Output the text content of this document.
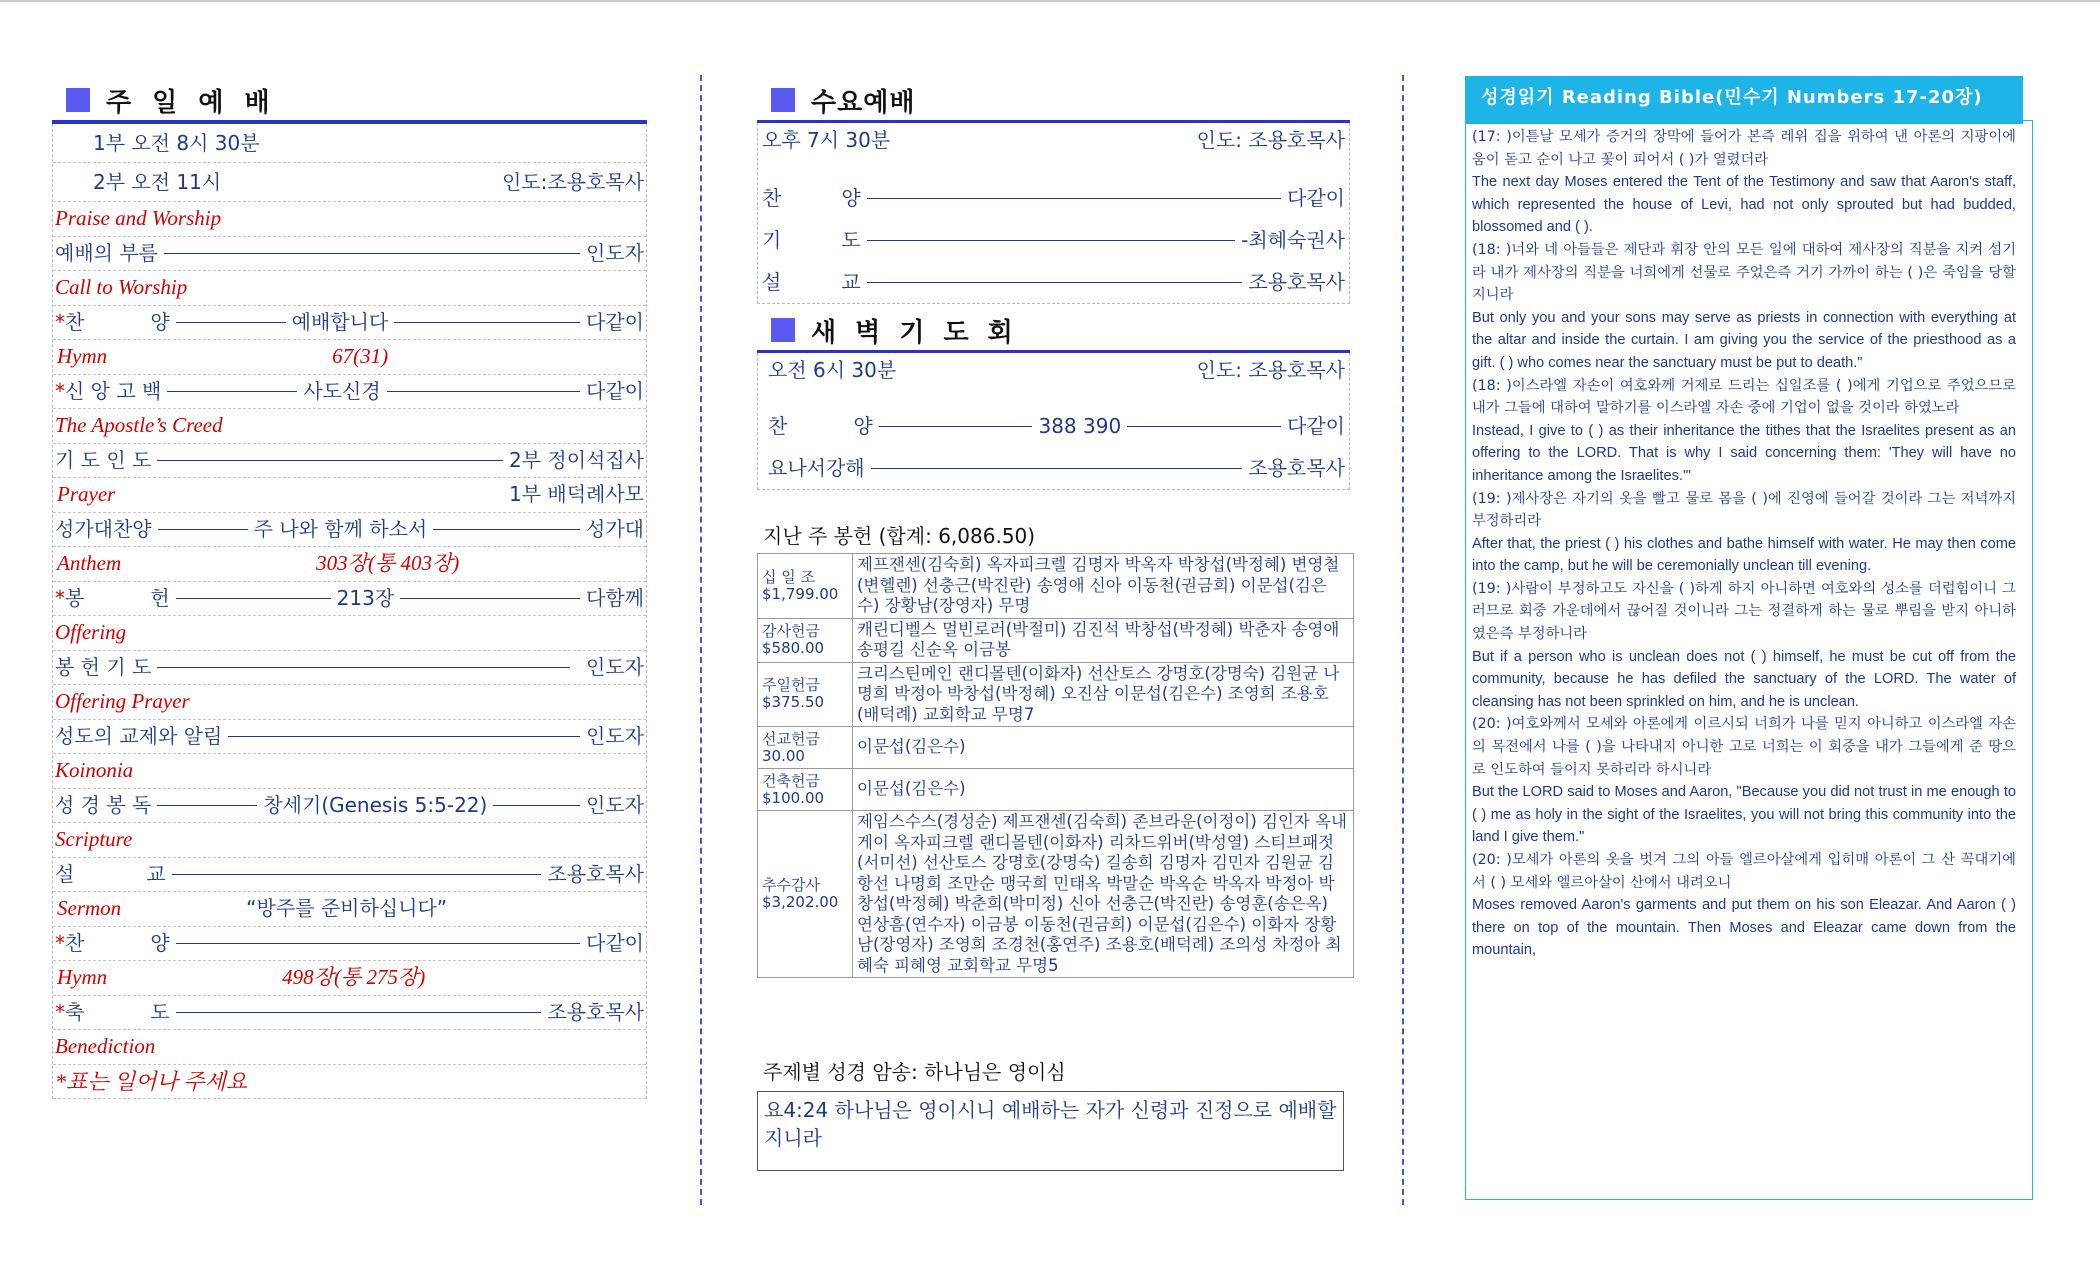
주 일 예 배
1부 오전 8시 30분
2부 오전 11시	인도:조용호목사
Praise and Worship
예배의 부름	인도자
Call to Worship
* 찬	양	예배합니다	다같이
Hymn	67(31)
* 신 앙 고 백	사도신경	다같이
The Apostle’s Creed
기 도 인 도	2부 정이석집사
Prayer	1부 배덕례사모
성가대찬양	주 나와 함께 하소서	성가대
Anthem	303장(통 403장)
* 봉	헌	213장	다함께
Offering
봉 헌 기 도	인도자
Offering Prayer
성도의 교제와 알림	인도자
Koinonia
성 경 봉 독	창세기(Genesis 5:5-22)	인도자
Scripture
설	교	조용호목사
Sermon	“방주를 준비하십니다”
* 찬	양	다같이
Hymn	498장(통 275장)
* 축	도	조용호목사
Benediction
*표는 일어나 주세요
수요예배
오후 7시 30분	인도: 조용호목사
찬	양	다같이
기	도	-최혜숙권사
설	교	조용호목사
새 벽 기 도 회
오전 6시 30분	인도: 조용호목사
찬	양	388 390	다같이
요나서강해	조용호목사
지난 주 봉헌 (합계: 6,086.50)
십 일 조
$1,799.00	제프잰센(김숙희) 옥자피크렐 김명자 박옥자 박창섭(박정혜) 변영철(변헬렌) 선충근(박진란) 송영애 신아 이동천(권금희) 이문섭(김은수) 장황남(장영자) 무명

감사헌금
$580.00	캐린디벨스 멀빈로러(박절미) 김진석 박창섭(박정혜) 박춘자 송영애 송평길 신순옥 이금봉

주일헌금
$375.50	크리스틴메인 랜디몰텐(이화자) 선산토스 강명호(강명숙) 김원균 나명희 박정아 박창섭(박정혜) 오진삼 이문섭(김은수) 조영희 조용호(배덕례) 교회학교 무명7

선교헌금
30.00	이문섭(김은수)

건축헌금
$100.00	이문섭(김은수)

추수감사
$3,202.00	제임스수스(경성순) 제프잰센(김숙희) 존브라운(이정이) 김인자 옥내게이 옥자피크렐 랜디몰텐(이화자) 리차드위버(박성열) 스티브패젓(서미선) 선산토스 강명호(강명숙) 길송희 김명자 김민자 김원균 김항선 나명희 조만순 맹국희 민태옥 박말순 박옥순 박옥자 박정아 박창섭(박정혜) 박춘희(박미정) 신아 선충근(박진란) 송영훈(송은옥) 연상흠(연수자) 이금봉 이동천(권금희) 이문섭(김은수) 이화자 장황남(장영자) 조영희 조경천(홍연주) 조용호(배덕례) 조의성 차정아 최혜숙 피혜영 교회학교 무명5
주제별 성경 암송: 하나님은 영이심
요4:24 하나님은 영이시니 예배하는 자가 신령과 진정으로 예배할지니라
성경읽기 Reading Bible(민수기 Numbers 17-20장)

(17: )이튿날 모세가 증거의 장막에 들어가 본즉 레위 집을 위하여 낸 아론의 지팡이에 움이 돋고 순이 나고 꽃이 피어서 ( )가 열렸더라

The next day Moses entered the Tent of the Testimony and saw that Aaron's staff, which represented the house of Levi, had not only sprouted but had budded, blossomed and ( ).

(18: )너와 네 아들들은 제단과 휘장 안의 모든 일에 대하여 제사장의 직분을 지켜 섬기라 내가 제사장의 직분을 너희에게 선물로 주었은즉 거기 가까이 하는 ( )은 죽임을 당할지니라

But only you and your sons may serve as priests in connection with everything at the altar and inside the curtain. I am giving you the service of the priesthood as a gift. ( ) who comes near the sanctuary must be put to death."

(18: )이스라엘 자손이 여호와께 거제로 드리는 십일조를 ( )에게 기업으로 주었으므로 내가 그들에 대하여 말하기를 이스라엘 자손 중에 기업이 없을 것이라 하였노라

Instead, I give to ( ) as their inheritance the tithes that the Israelites present as an offering to the LORD. That is why I said concerning them: 'They will have no inheritance among the Israelites.'"

(19: )제사장은 자기의 옷을 빨고 물로 몸을 ( )에 진영에 들어갈 것이라 그는 저녁까지 부정하리라

After that, the priest ( ) his clothes and bathe himself with water. He may then come into the camp, but he will be ceremonially unclean till evening.

(19: )사람이 부정하고도 자신을 ( )하게 하지 아니하면 여호와의 성소를 더럽힘이니 그러므로 회중 가운데에서 끊어질 것이니라 그는 정결하게 하는 물로 뿌림을 받지 아니하였은즉 부정하니라

But if a person who is unclean does not ( ) himself, he must be cut off from the community, because he has defiled the sanctuary of the LORD. The water of cleansing has not been sprinkled on him, and he is unclean.

(20: )여호와께서 모세와 아론에게 이르시되 너희가 나를 믿지 아니하고 이스라엘 자손의 목전에서 나를 ( )을 나타내지 아니한 고로 너희는 이 회중을 내가 그들에게 준 땅으로 인도하여 들이지 못하리라 하시니라

But the LORD said to Moses and Aaron, "Because you did not trust in me enough to ( ) me as holy in the sight of the Israelites, you will not bring this community into the land I give them."

(20: )모세가 아론의 옷을 벗겨 그의 아들 엘르아살에게 입히매 아론이 그 산 꼭대기에서 ( ) 모세와 엘르아살이 산에서 내려오니

Moses removed Aaron's garments and put them on his son Eleazar. And Aaron ( ) there on top of the mountain. Then Moses and Eleazar came down from the mountain,
